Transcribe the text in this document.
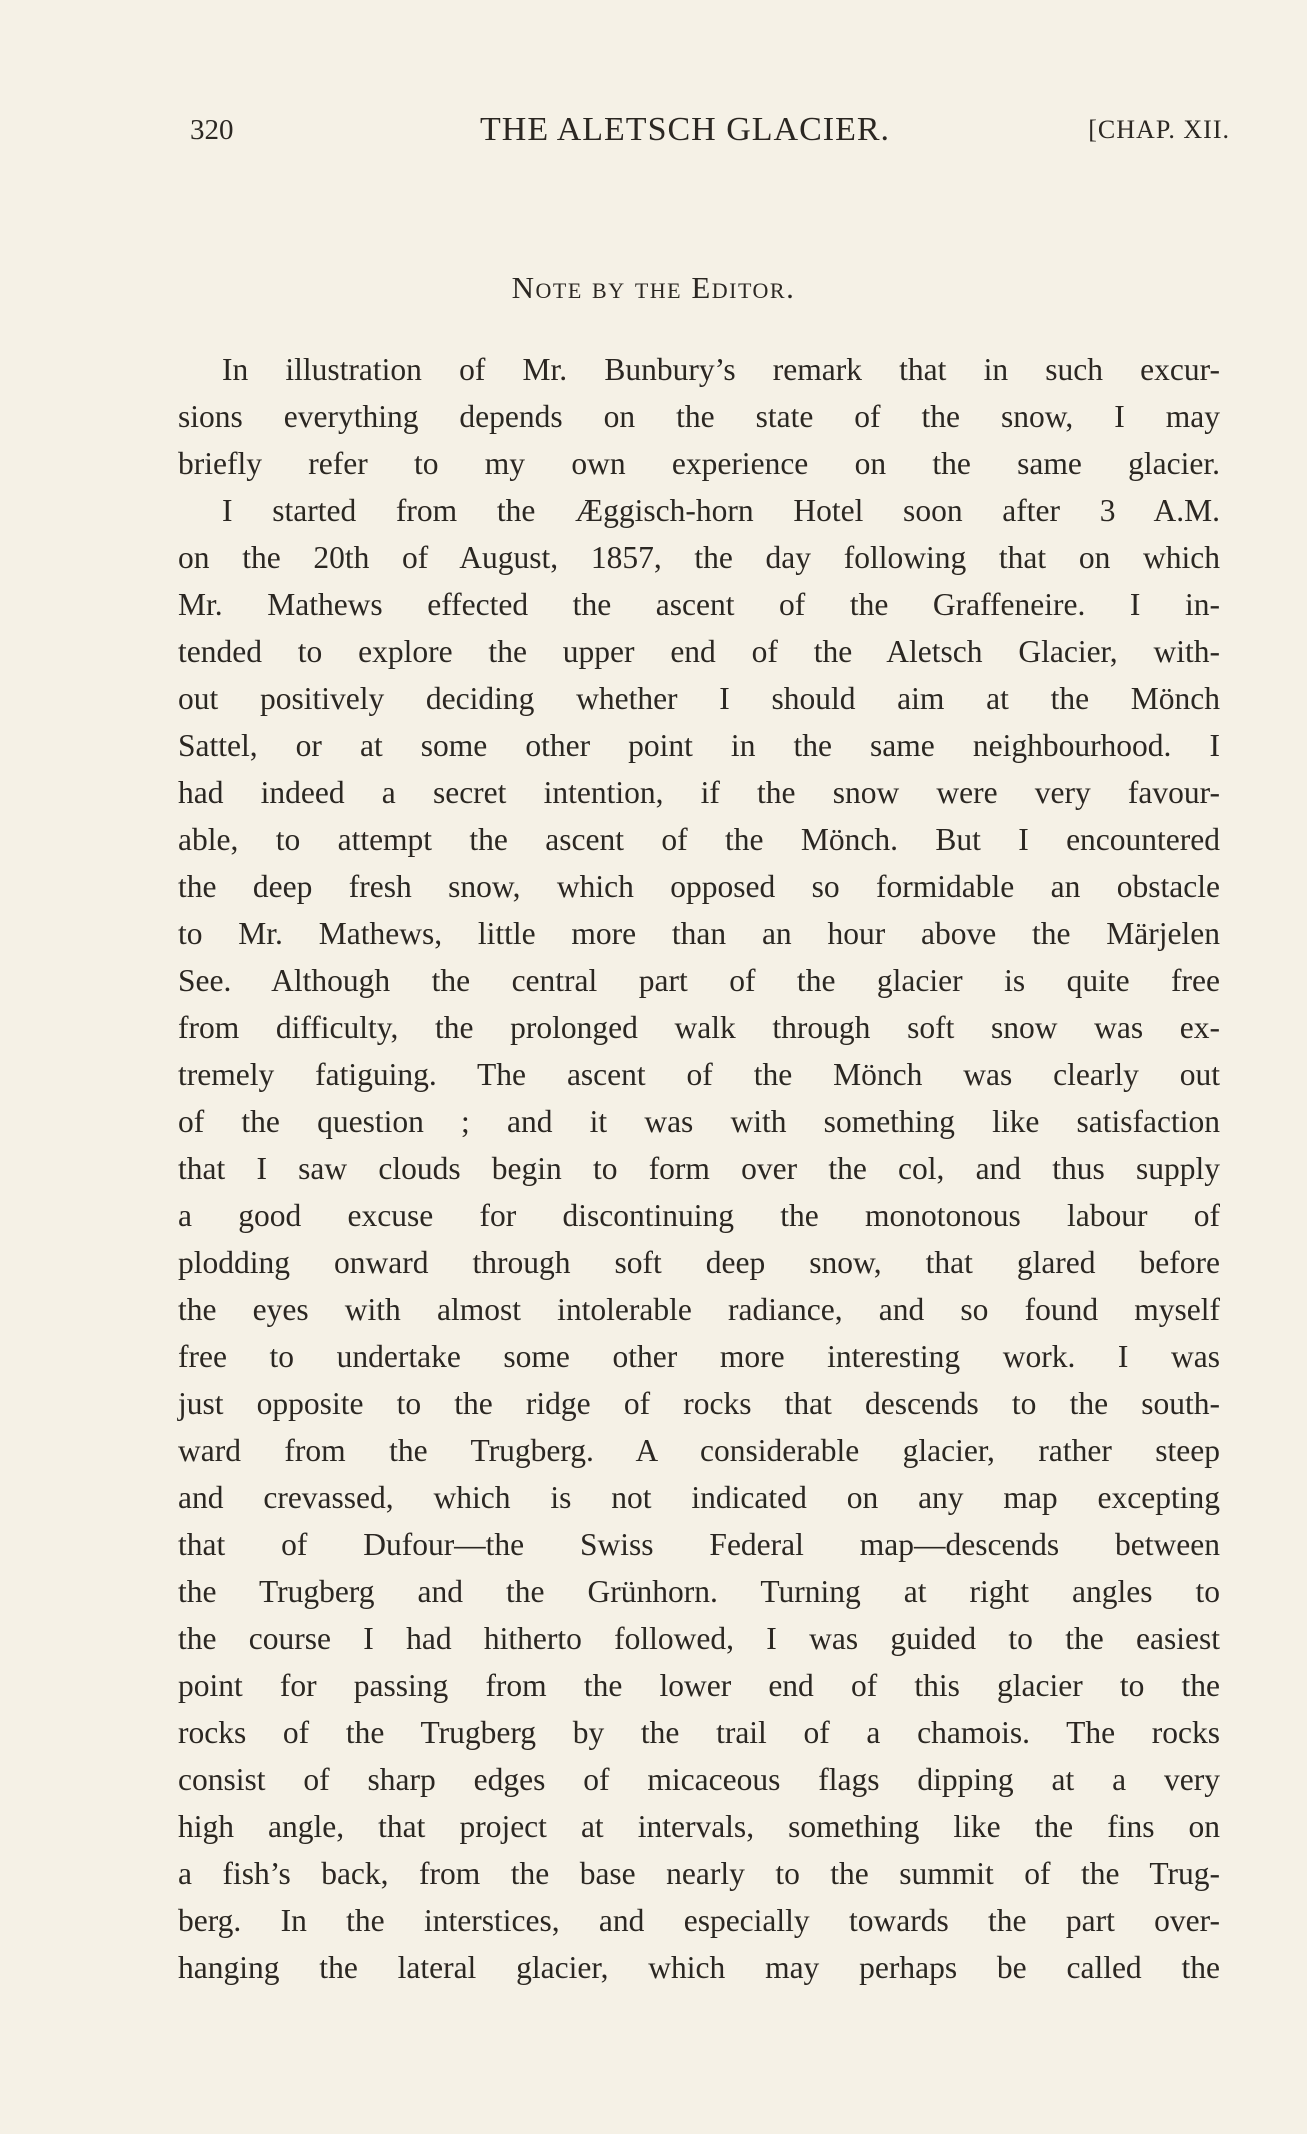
320	THE ALETSCH GLACIER.	[CHAP. XII.
Note by the Editor.
In illustration of Mr. Bunbury’s remark that in such excur-
sions everything depends on the state of the snow, I may
briefly refer to my own experience on the same glacier.
I started from the Æggisch-horn Hotel soon after 3 A.M.
on the 20th of August, 1857, the day following that on which
Mr. Mathews effected the ascent of the Graffeneire. I in-
tended to explore the upper end of the Aletsch Glacier, with-
out positively deciding whether I should aim at the Mönch
Sattel, or at some other point in the same neighbourhood. I
had indeed a secret intention, if the snow were very favour-
able, to attempt the ascent of the Mönch. But I encountered
the deep fresh snow, which opposed so formidable an obstacle
to Mr. Mathews, little more than an hour above the Märjelen
See. Although the central part of the glacier is quite free
from difficulty, the prolonged walk through soft snow was ex-
tremely fatiguing. The ascent of the Mönch was clearly out
of the question ; and it was with something like satisfaction
that I saw clouds begin to form over the col, and thus supply
a good excuse for discontinuing the monotonous labour of
plodding onward through soft deep snow, that glared before
the eyes with almost intolerable radiance, and so found myself
free to undertake some other more interesting work. I was
just opposite to the ridge of rocks that descends to the south-
ward from the Trugberg. A considerable glacier, rather steep
and crevassed, which is not indicated on any map excepting
that of Dufour—the Swiss Federal map—descends between
the Trugberg and the Grünhorn. Turning at right angles to
the course I had hitherto followed, I was guided to the easiest
point for passing from the lower end of this glacier to the
rocks of the Trugberg by the trail of a chamois. The rocks
consist of sharp edges of micaceous flags dipping at a very
high angle, that project at intervals, something like the fins on
a fish’s back, from the base nearly to the summit of the Trug-
berg. In the interstices, and especially towards the part over-
hanging the lateral glacier, which may perhaps be called the
